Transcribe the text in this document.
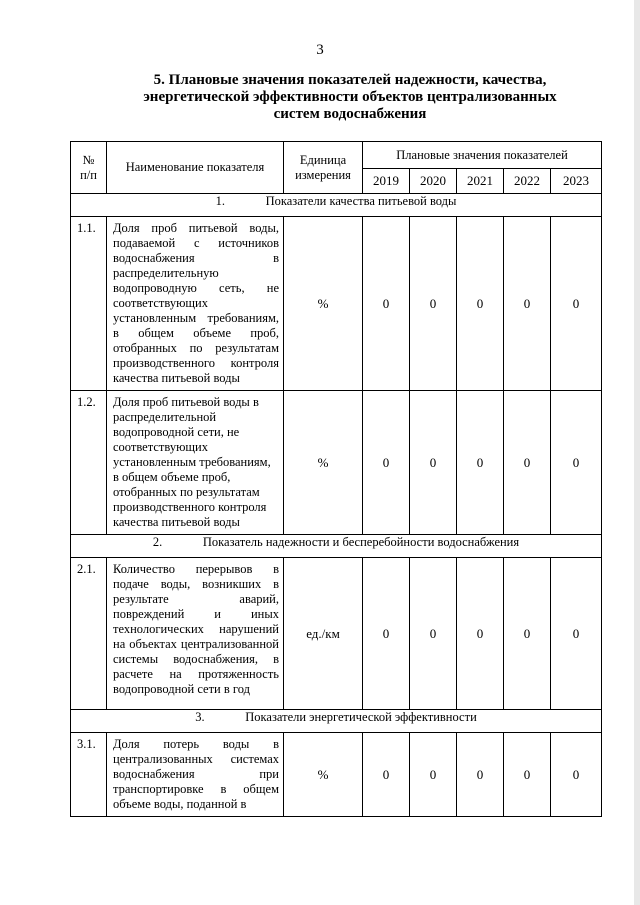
3
5. Плановые значения показателей надежности, качества,
энергетической эффективности объектов централизованных
систем водоснабжения
№ п/п	Наименование показателя	Единица измерения	Плановые значения показателей				
			2019	2020	2021	2022	2023
1. Показатели качества питьевой воды							
1.1.	Доля проб питьевой воды, подаваемой с источников водоснабжения в распределительную водопроводную сеть, не соответствующих установленным требованиям, в общем объеме проб, отобранных по результатам производственного контроля качества питьевой воды	%	0	0	0	0	0
1.2.	Доля проб питьевой воды в распределительной водопроводной сети, не соответствующих установленным требованиям, в общем объеме проб, отобранных по результатам производственного контроля качества питьевой воды	%	0	0	0	0	0
2. Показатель надежности и бесперебойности водоснабжения							
2.1.	Количество перерывов в подаче воды, возникших в результате аварий, повреждений и иных технологических нарушений на объектах централизованной системы водоснабжения, в расчете на протяженность водопроводной сети в год	ед./км	0	0	0	0	0
3. Показатели энергетической эффективности							
3.1.	Доля потерь воды в централизованных системах водоснабжения при транспортировке в общем объеме воды, поданной в	%	0	0	0	0	0
